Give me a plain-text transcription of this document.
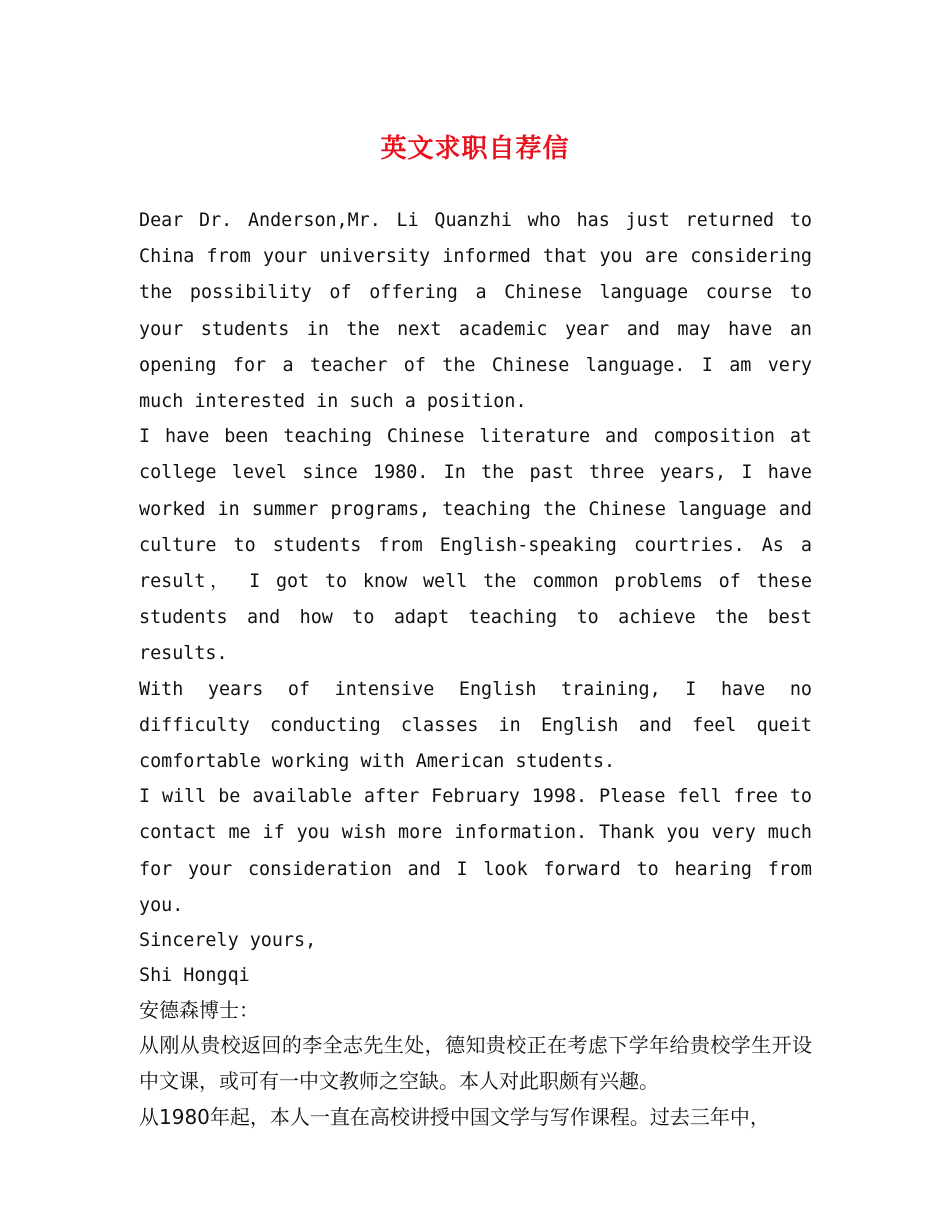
英文求职自荐信

Dear Dr. Anderson,Mr. Li Quanzhi who has just returned to China from your university informed that you are considering the possibility of offering a Chinese language course to your students in the next academic year and may have an opening for a teacher of the Chinese language. I am very much interested in such a position.

I have been teaching Chinese literature and composition at college level since 1980. In the past three years, I have worked in summer programs, teaching the Chinese language and culture to students from English-speaking courtries. As a result， I got to know well the common problems of these students and how to adapt teaching to achieve the best results.

With years of intensive English training, I have no difficulty conducting classes in English and feel queit comfortable working with American students.

I will be available after February 1998. Please fell free to contact me if you wish more information. Thank you very much for your consideration and I look forward to hearing from you.

Sincerely yours,

Shi Hongqi

安德森博士：

从刚从贵校返回的李全志先生处，德知贵校正在考虑下学年给贵校学生开设中文课，或可有一中文教师之空缺。本人对此职颇有兴趣。

从1980年起，本人一直在高校讲授中国文学与写作课程。过去三年中，
